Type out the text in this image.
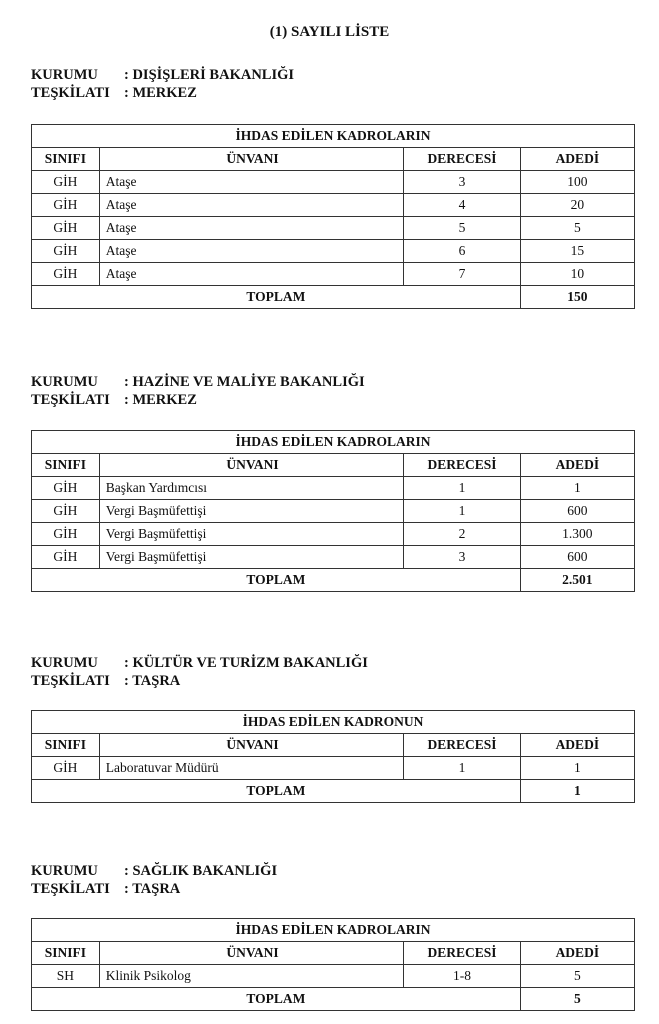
(1) SAYILI LİSTE
KURUMU : DIŞİŞLERİ BAKANLIĞI
TEŞKİLATI : MERKEZ
İHDAS EDİLEN KADROLARIN			
SINIFI	ÜNVANI	DERECESİ	ADEDİ
GİH	Ataşe	3	100
GİH	Ataşe	4	20
GİH	Ataşe	5	5
GİH	Ataşe	6	15
GİH	Ataşe	7	10
TOPLAM			150
KURUMU : HAZİNE VE MALİYE BAKANLIĞI
TEŞKİLATI : MERKEZ
İHDAS EDİLEN KADROLARIN			
SINIFI	ÜNVANI	DERECESİ	ADEDİ
GİH	Başkan Yardımcısı	1	1
GİH	Vergi Başmüfettişi	1	600
GİH	Vergi Başmüfettişi	2	1.300
GİH	Vergi Başmüfettişi	3	600
TOPLAM			2.501
KURUMU : KÜLTÜR VE TURİZM BAKANLIĞI
TEŞKİLATI : TAŞRA
İHDAS EDİLEN KADRONUN			
SINIFI	ÜNVANI	DERECESİ	ADEDİ
GİH	Laboratuvar Müdürü	1	1
TOPLAM			1
KURUMU : SAĞLIK BAKANLIĞI
TEŞKİLATI : TAŞRA
İHDAS EDİLEN KADROLARIN			
SINIFI	ÜNVANI	DERECESİ	ADEDİ
SH	Klinik Psikolog	1-8	5
TOPLAM			5
